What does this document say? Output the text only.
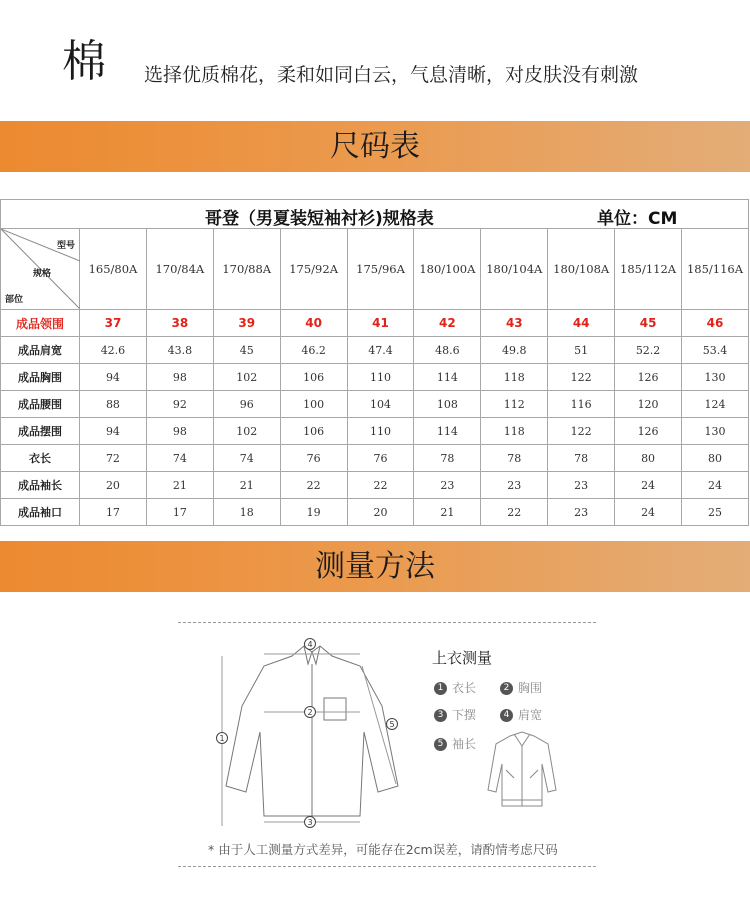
棉 选择优质棉花，柔和如同白云，气息清晰，对皮肤没有刺激
尺码表
哥登（男夏装短袖衬衫)规格表 单位：CM										

型号
规格
部位	165/80A	170/84A	170/88A	175/92A	175/96A	180/100A	180/104A	180/108A	185/112A	185/116A
成品领围	37	38	39	40	41	42	43	44	45	46
成品肩宽	42.6	43.8	45	46.2	47.4	48.6	49.8	51	52.2	53.4
成品胸围	94	98	102	106	110	114	118	122	126	130
成品腰围	88	92	96	100	104	108	112	116	120	124
成品摆围	94	98	102	106	110	114	118	122	126	130
衣长	72	74	74	76	76	78	78	78	80	80
成品袖长	20	21	21	22	22	23	23	23	24	24
成品袖口	17	17	18	19	20	21	22	23	24	25
测量方法
1
2
3
4
5
上衣测量
1 衣长	2 胸围
3 下摆	4 肩宽
5 袖长
* 由于人工测量方式差异，可能存在2cm误差，请酌情考虑尺码
